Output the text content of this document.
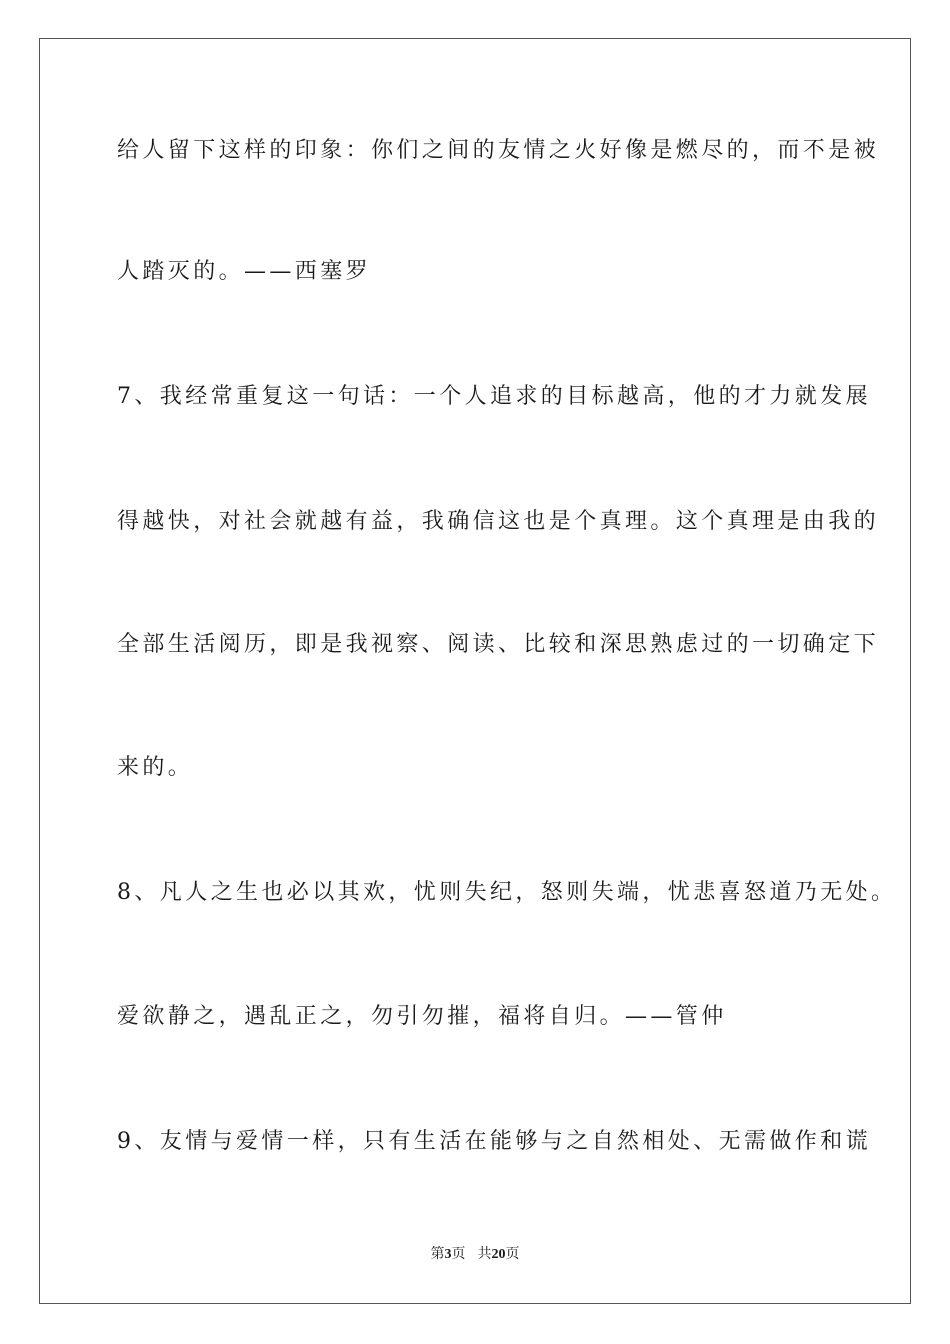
给人留下这样的印象：你们之间的友情之火好像是燃尽的，而不是被
人踏灭的。——西塞罗
7、我经常重复这一句话：一个人追求的目标越高，他的才力就发展
得越快，对社会就越有益，我确信这也是个真理。这个真理是由我的
全部生活阅历，即是我视察、阅读、比较和深思熟虑过的一切确定下
来的。
8、凡人之生也必以其欢，忧则失纪，怒则失端，忧悲喜怒道乃无处。
爱欲静之，遇乱正之，勿引勿摧，福将自归。——管仲
9、友情与爱情一样，只有生活在能够与之自然相处、无需做作和谎
第3页 共20页
